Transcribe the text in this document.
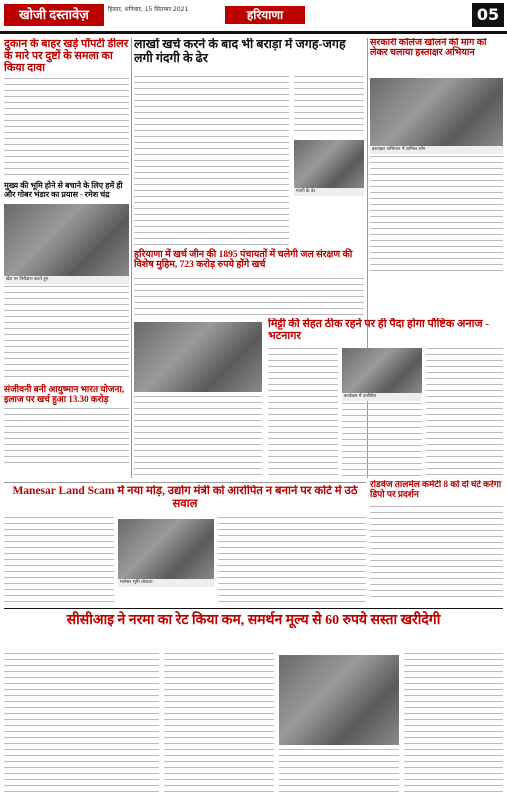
खोजी दस्तावेज़	हिसार, शनिवार, 15 सितम्बर 2021	हरियाणा	05
दुकान के बाहर खड़े पॉपटी डीलर के मारे पर दुष्टों के समला का किया दावा
मुख्य की भूमि होने से बचाने के लिए हमें ही और गोबर भंडार का प्रयास - रमेश चंद्र
खेत पर निरीक्षण करते हुए
संजीवनी बनी आयुष्मान भारत योजना, इलाज पर खर्च हुआ 13.30 करोड़
लाखों खर्च करने के बाद भी बराड़ा में जगह-जगह लगी गंदगी के ढेर
गंदगी के ढेर
हरियाणा में खर्च जीन की 1895 पंचायतों में चलेगी जल संरक्षण की विशेष मुहिम, 723 करोड़ रुपये होंगे खर्च
सरकारी कॉलेज खोलने की मांग को लेकर चलाया हस्ताक्षर अभियान
हस्ताक्षर अभियान में शामिल लोग
मिट्टी की सेहत ठीक रहने पर ही पैदा होगा पौष्टिक अनाज - भटनागर
कार्यक्रम में उपस्थित
रोडवेज तालमेल कमेटी 8 को दो घंटे करेगा डिपो पर प्रदर्शन
Manesar Land Scam में नया मोड़, उद्योग मंत्री को आरोपित न बनाने पर कोर्ट में उठे सवाल
मानेसर भूमि घोटाला
सीसीआइ ने नरमा का रेट किया कम, समर्थन मूल्य से 60 रुपये सस्ता खरीदेगी
